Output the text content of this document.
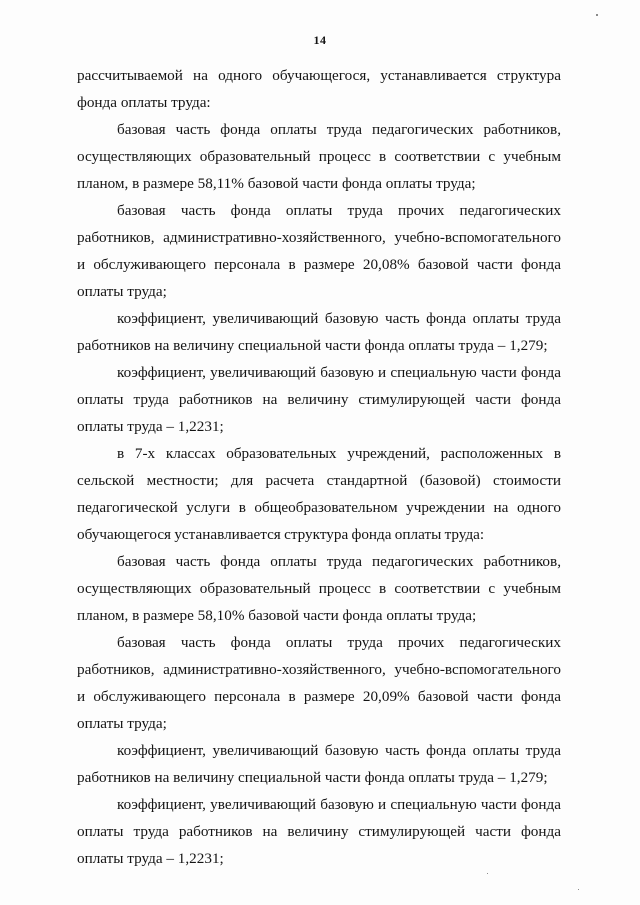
14

рассчитываемой на одного обучающегося, устанавливается структура фонда оплаты труда:

базовая часть фонда оплаты труда педагогических работников, осуществляющих образовательный процесс в соответствии с учебным планом, в размере 58,11% базовой части фонда оплаты труда;

базовая часть фонда оплаты труда прочих педагогических работников, административно-хозяйственного, учебно-вспомогательного и обслуживающего персонала в размере 20,08% базовой части фонда оплаты труда;

коэффициент, увеличивающий базовую часть фонда оплаты труда работников на величину специальной части фонда оплаты труда – 1,279;

коэффициент, увеличивающий базовую и специальную части фонда оплаты труда работников на величину стимулирующей части фонда оплаты труда – 1,2231;

в 7-х классах образовательных учреждений, расположенных в сельской местности; для расчета стандартной (базовой) стоимости педагогической услуги в общеобразовательном учреждении на одного обучающегося устанавливается структура фонда оплаты труда:

базовая часть фонда оплаты труда педагогических работников, осуществляющих образовательный процесс в соответствии с учебным планом, в размере 58,10% базовой части фонда оплаты труда;

базовая часть фонда оплаты труда прочих педагогических работников, административно-хозяйственного, учебно-вспомогательного и обслуживающего персонала в размере 20,09% базовой части фонда оплаты труда;

коэффициент, увеличивающий базовую часть фонда оплаты труда работников на величину специальной части фонда оплаты труда – 1,279;

коэффициент, увеличивающий базовую и специальную части фонда оплаты труда работников на величину стимулирующей части фонда оплаты труда – 1,2231;
